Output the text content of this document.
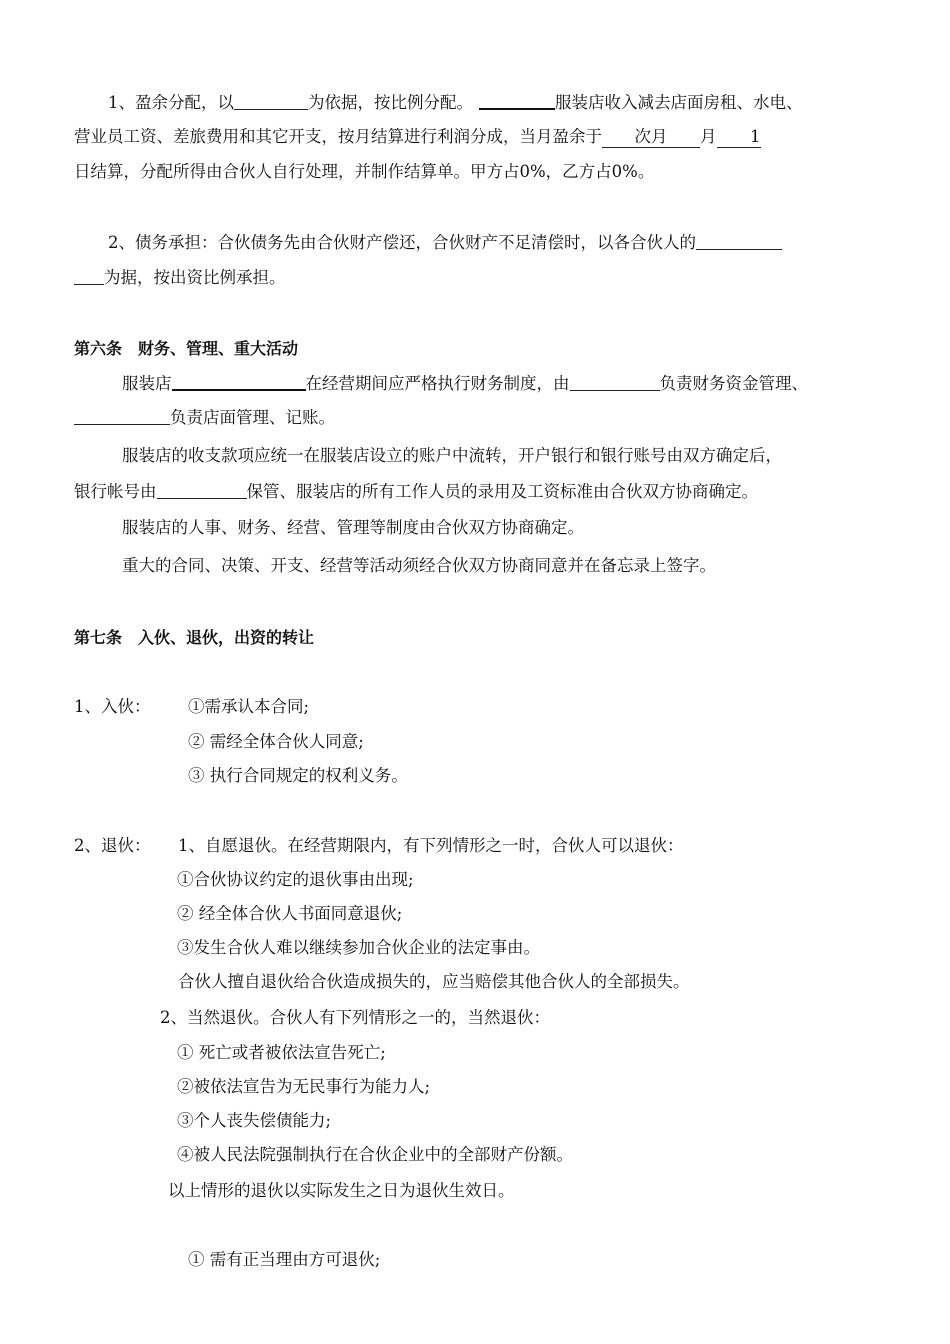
1、盈余分配，以	为依据，按比例分配。	服装店收入减去店面房租、水电、
营业员工资、差旅费用和其它开支，按月结算进行利润分成，当月盈余于 次月 月 1
日结算，分配所得由合伙人自行处理，并制作结算单。甲方占0%，乙方占0%。
2、债务承担：合伙债务先由合伙财产偿还，合伙财产不足清偿时，以各合伙人的
为据，按出资比例承担。
第六条　财务、管理、重大活动
服装店	在经营期间应严格执行财务制度，由	负责财务资金管理、
负责店面管理、记账。
服装店的收支款项应统一在服装店设立的账户中流转，开户银行和银行账号由双方确定后，
银行帐号由	保管、服装店的所有工作人员的录用及工资标准由合伙双方协商确定。
服装店的人事、财务、经营、管理等制度由合伙双方协商确定。
重大的合同、决策、开支、经营等活动须经合伙双方协商同意并在备忘录上签字。
第七条　入伙、退伙，出资的转让
1、入伙： ①需承认本合同;
② 需经全体合伙人同意;
③ 执行合同规定的权利义务。
2、退伙： 1、自愿退伙。在经营期限内，有下列情形之一时，合伙人可以退伙：
①合伙协议约定的退伙事由出现;
② 经全体合伙人书面同意退伙;
③发生合伙人难以继续参加合伙企业的法定事由。
合伙人擅自退伙给合伙造成损失的，应当赔偿其他合伙人的全部损失。
2、当然退伙。合伙人有下列情形之一的，当然退伙：
① 死亡或者被依法宣告死亡;
②被依法宣告为无民事行为能力人;
③个人丧失偿债能力;
④被人民法院强制执行在合伙企业中的全部财产份额。
以上情形的退伙以实际发生之日为退伙生效日。
① 需有正当理由方可退伙;
